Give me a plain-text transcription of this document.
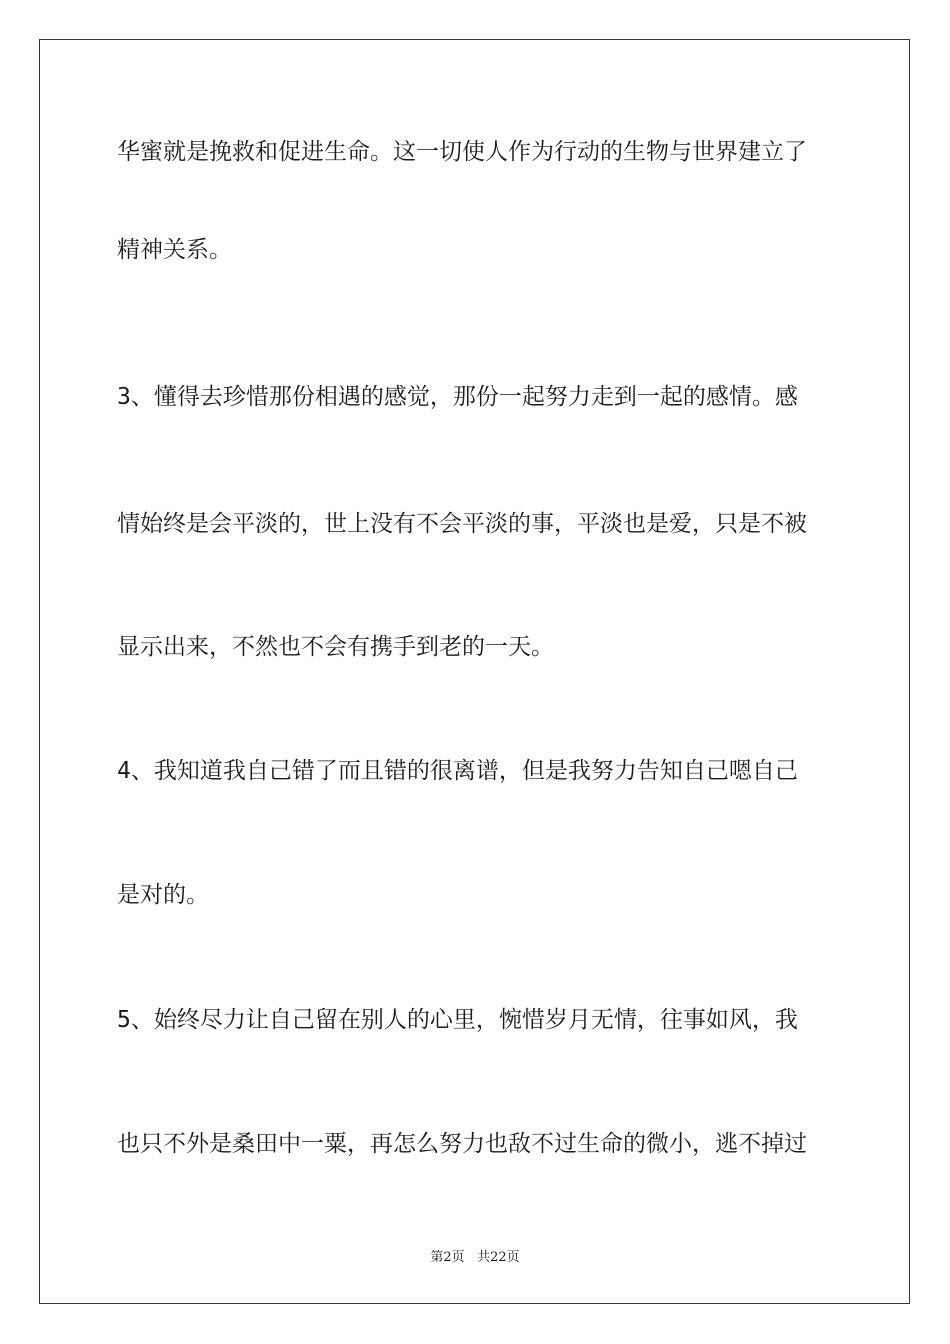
华蜜就是挽救和促进生命。这一切使人作为行动的生物与世界建立了
精神关系。
3、懂得去珍惜那份相遇的感觉，那份一起努力走到一起的感情。感
情始终是会平淡的，世上没有不会平淡的事，平淡也是爱，只是不被
显示出来，不然也不会有携手到老的一天。
4、我知道我自己错了而且错的很离谱，但是我努力告知自己嗯自己
是对的。
5、始终尽力让自己留在别人的心里，惋惜岁月无情，往事如风，我
也只不外是桑田中一粟，再怎么努力也敌不过生命的微小，逃不掉过
第2页 共22页
